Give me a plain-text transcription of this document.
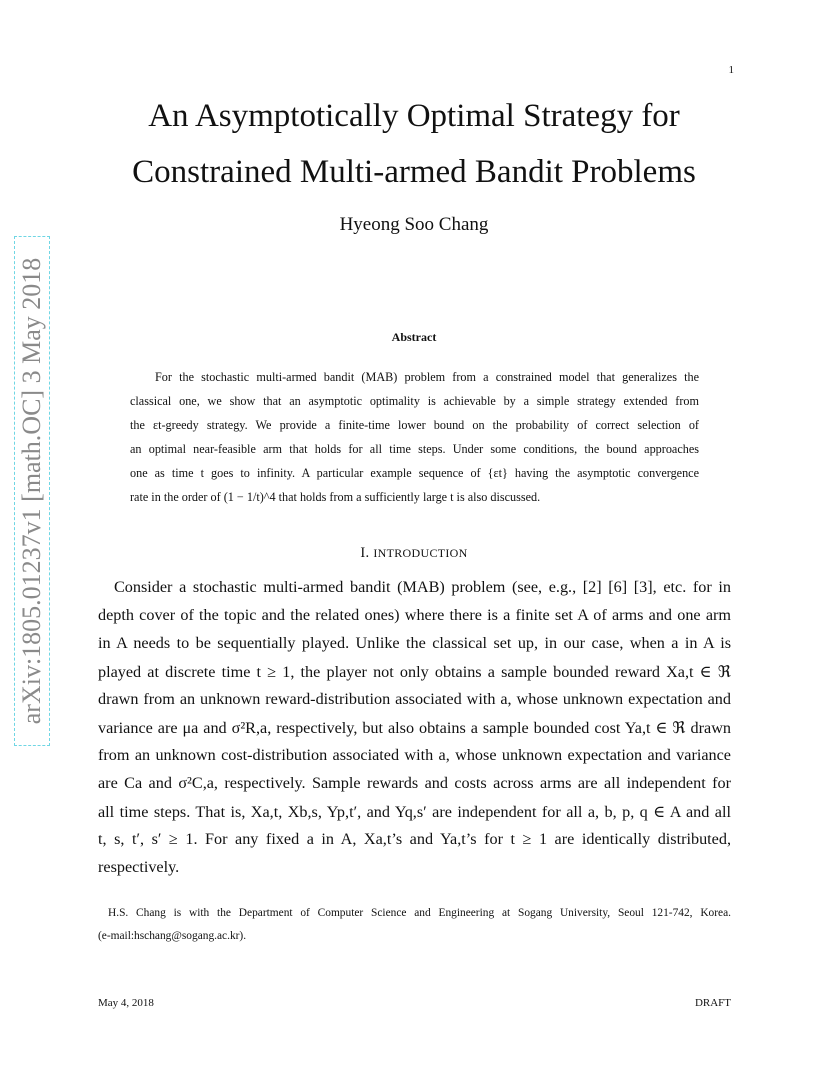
1
arXiv:1805.01237v1 [math.OC] 3 May 2018
An Asymptotically Optimal Strategy for
Constrained Multi-armed Bandit Problems
Hyeong Soo Chang
Abstract
For the stochastic multi-armed bandit (MAB) problem from a constrained model that generalizes the
classical one, we show that an asymptotic optimality is achievable by a simple strategy extended from
the εt-greedy strategy. We provide a finite-time lower bound on the probability of correct selection of
an optimal near-feasible arm that holds for all time steps. Under some conditions, the bound approaches
one as time t goes to infinity. A particular example sequence of {εt} having the asymptotic convergence
rate in the order of (1 − 1/t)^4 that holds from a sufficiently large t is also discussed.
I. INTRODUCTION
Consider a stochastic multi-armed bandit (MAB) problem (see, e.g., [2] [6] [3], etc. for in
depth cover of the topic and the related ones) where there is a finite set A of arms and one arm
in A needs to be sequentially played. Unlike the classical set up, in our case, when a in A is
played at discrete time t ≥ 1, the player not only obtains a sample bounded reward Xa,t ∈ ℜ
drawn from an unknown reward-distribution associated with a, whose unknown expectation and
variance are μa and σ²R,a, respectively, but also obtains a sample bounded cost Ya,t ∈ ℜ drawn
from an unknown cost-distribution associated with a, whose unknown expectation and variance
are Ca and σ²C,a, respectively. Sample rewards and costs across arms are all independent for
all time steps. That is, Xa,t, Xb,s, Yp,t′, and Yq,s′ are independent for all a, b, p, q ∈ A and all
t, s, t′, s′ ≥ 1. For any fixed a in A, Xa,t’s and Ya,t’s for t ≥ 1 are identically distributed,
respectively.
H.S. Chang is with the Department of Computer Science and Engineering at Sogang University, Seoul 121-742, Korea.
(e-mail:hschang@sogang.ac.kr).
May 4, 2018	DRAFT
